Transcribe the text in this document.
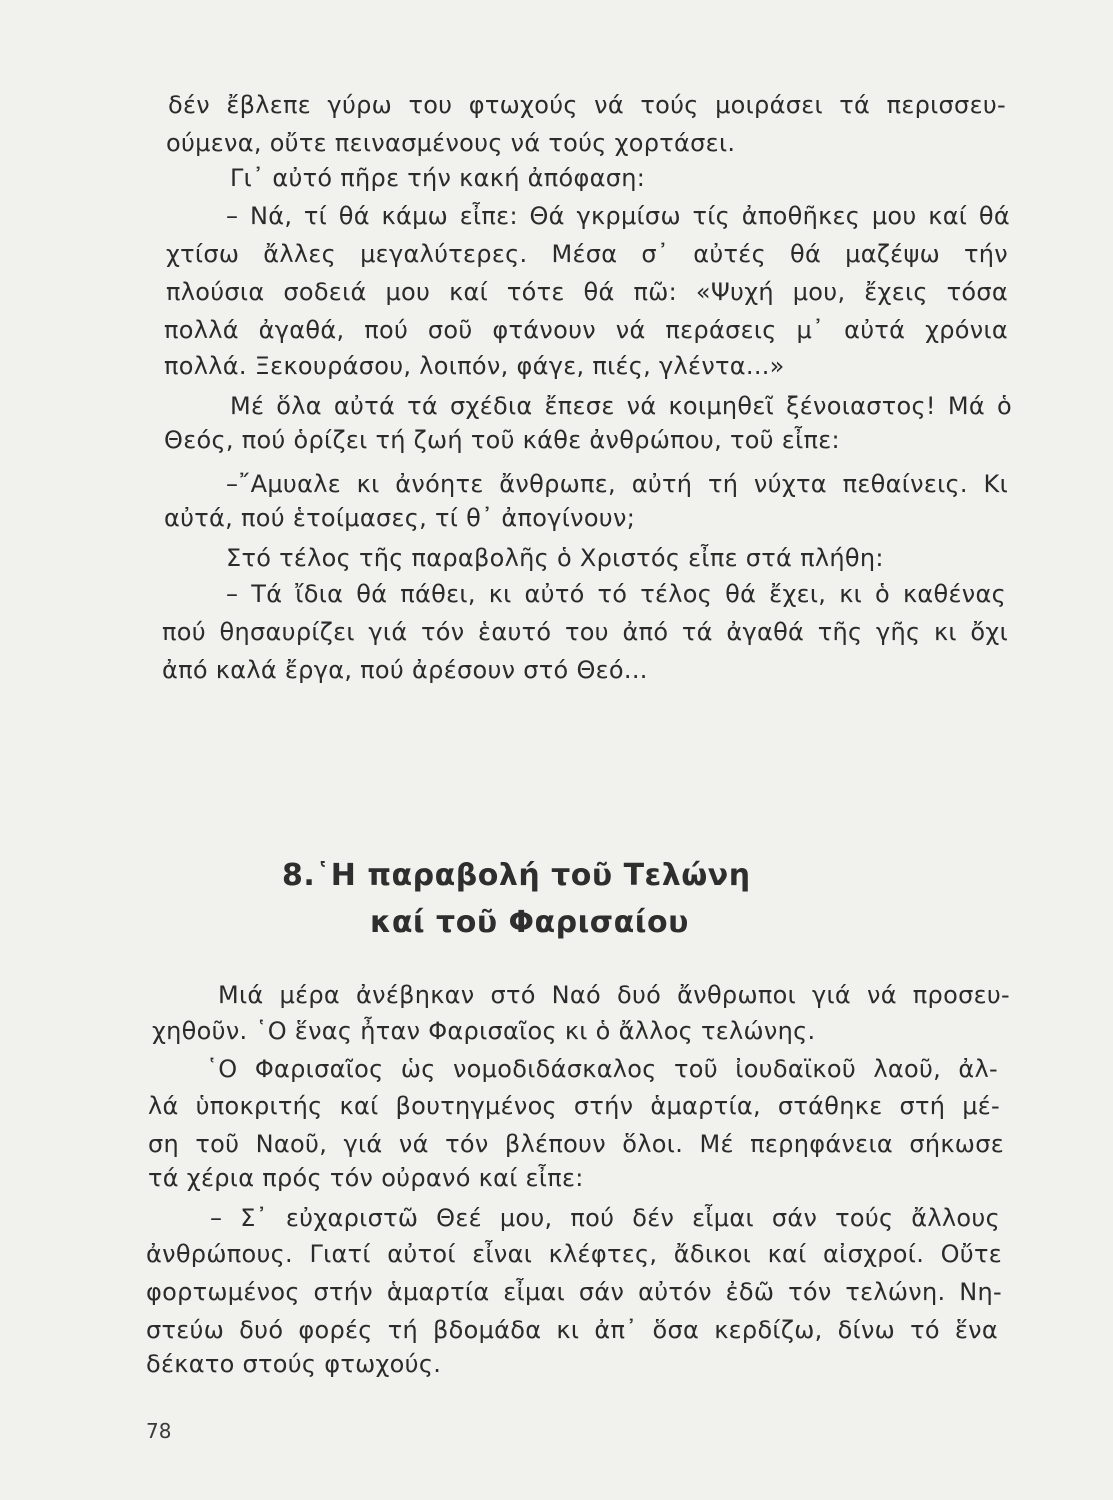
δέν ἔβλεπε γύρω του φτωχούς νά τούς μοιράσει τά περισσευ-
ούμενα, οὔτε πεινασμένους νά τούς χορτάσει.
Γι᾿ αὐτό πῆρε τήν κακή ἀπόφαση:
– Νά, τί θά κάμω εἶπε: Θά γκρμίσω τίς ἀποθῆκες μου καί θά
χτίσω ἄλλες μεγαλύτερες. Μέσα σ᾿ αὐτές θά μαζέψω τήν
πλούσια σοδειά μου καί τότε θά πῶ: «Ψυχή μου, ἔχεις τόσα
πολλά ἀγαθά, πού σοῦ φτάνουν νά περάσεις μ᾿ αὐτά χρόνια
πολλά. Ξεκουράσου, λοιπόν, φάγε, πιές, γλέντα...»
Μέ ὅλα αὐτά τά σχέδια ἔπεσε νά κοιμηθεῖ ξένοιαστος! Μά ὁ
Θεός, πού ὁρίζει τή ζωή τοῦ κάθε ἀνθρώπου, τοῦ εἶπε:
–῎Αμυαλε κι ἀνόητε ἄνθρωπε, αὐτή τή νύχτα πεθαίνεις. Κι
αὐτά, πού ἑτοίμασες, τί θ᾿ ἀπογίνουν;
Στό τέλος τῆς παραβολῆς ὁ Χριστός εἶπε στά πλήθη:
– Τά ἴδια θά πάθει, κι αὐτό τό τέλος θά ἔχει, κι ὁ καθένας
πού θησαυρίζει γιά τόν ἑαυτό του ἀπό τά ἀγαθά τῆς γῆς κι ὄχι
ἀπό καλά ἔργα, πού ἀρέσουν στό Θεό...
8.῾Η παραβολή τοῦ Τελώνη
καί τοῦ Φαρισαίου
Μιά μέρα ἀνέβηκαν στό Ναό δυό ἄνθρωποι γιά νά προσευ-
χηθοῦν. ῾Ο ἕνας ἦταν Φαρισαῖος κι ὁ ἄλλος τελώνης.
῾Ο Φαρισαῖος ὡς νομοδιδάσκαλος τοῦ ἰουδαϊκοῦ λαοῦ, ἀλ-
λά ὑποκριτής καί βουτηγμένος στήν ἁμαρτία, στάθηκε στή μέ-
ση τοῦ Ναοῦ, γιά νά τόν βλέπουν ὅλοι. Μέ περηφάνεια σήκωσε
τά χέρια πρός τόν οὐρανό καί εἶπε:
– Σ᾿ εὐχαριστῶ Θεέ μου, πού δέν εἶμαι σάν τούς ἄλλους
ἀνθρώπους. Γιατί αὐτοί εἶναι κλέφτες, ἄδικοι καί αἰσχροί. Οὔτε
φορτωμένος στήν ἁμαρτία εἶμαι σάν αὐτόν ἐδῶ τόν τελώνη. Νη-
στεύω δυό φορές τή βδομάδα κι ἀπ᾿ ὅσα κερδίζω, δίνω τό ἕνα
δέκατο στούς φτωχούς.
78
